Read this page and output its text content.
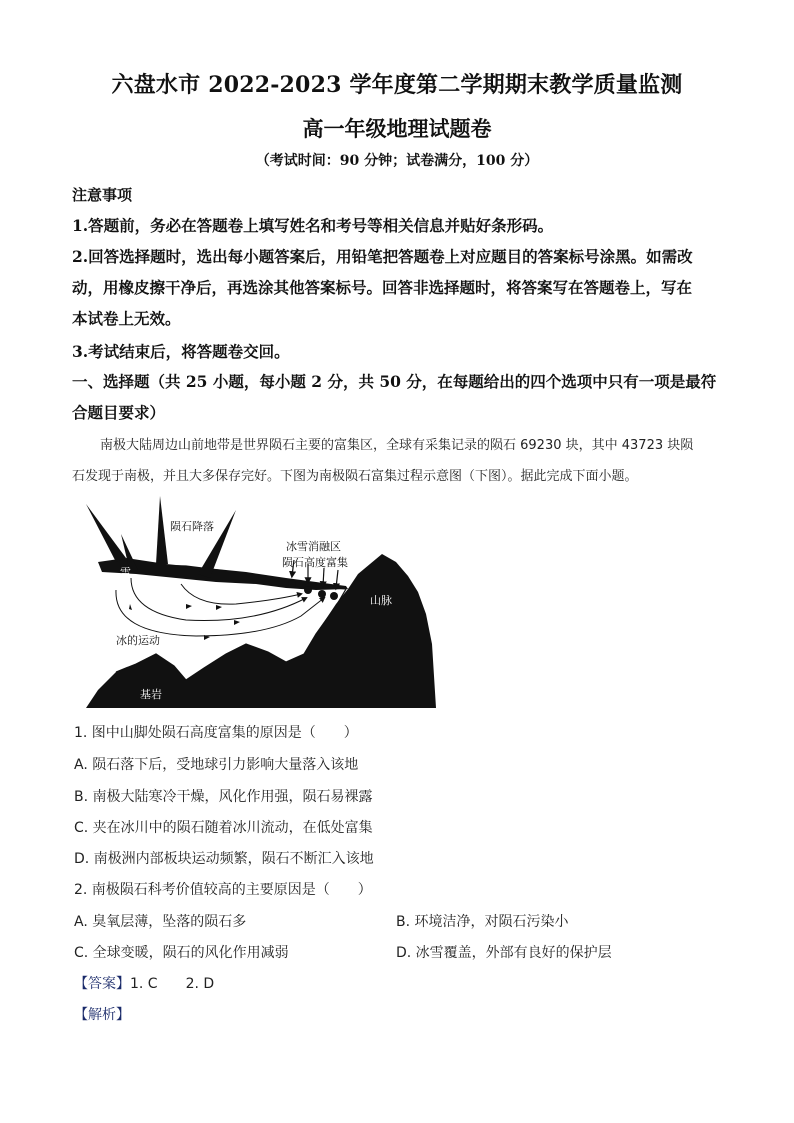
六盘水市 2022-2023 学年度第二学期期末教学质量监测
高一年级地理试题卷
（考试时间：90 分钟；试卷满分，100 分）
注意事项
1.答题前，务必在答题卷上填写姓名和考号等相关信息并贴好条形码。
2.回答选择题时，选出每小题答案后，用铅笔把答题卷上对应题目的答案标号涂黑。如需改
动，用橡皮擦干净后，再选涂其他答案标号。回答非选择题时，将答案写在答题卷上，写在
本试卷上无效。
3.考试结束后，将答题卷交回。
一、选择题（共 25 小题，每小题 2 分，共 50 分，在每题给出的四个选项中只有一项是最符
合题目要求）
南极大陆周边山前地带是世界陨石主要的富集区，全球有采集记录的陨石 69230 块，其中 43723 块陨
石发现于南极，并且大多保存完好。下图为南极陨石富集过程示意图（下图）。据此完成下面小题。
陨石降落
冰雪消融区
陨石高度富集
雪
山脉
冰的运动
基岩
1. 图中山脚处陨石高度富集的原因是（　　）
A. 陨石落下后，受地球引力影响大量落入该地
B. 南极大陆寒冷干燥，风化作用强，陨石易裸露
C. 夹在冰川中的陨石随着冰川流动，在低处富集
D. 南极洲内部板块运动频繁，陨石不断汇入该地
2. 南极陨石科考价值较高的主要原因是（　　）
A. 臭氧层薄，坠落的陨石多	B. 环境洁净，对陨石污染小
C. 全球变暖，陨石的风化作用减弱	D. 冰雪覆盖，外部有良好的保护层
【答案】1. C　　2. D
【解析】
